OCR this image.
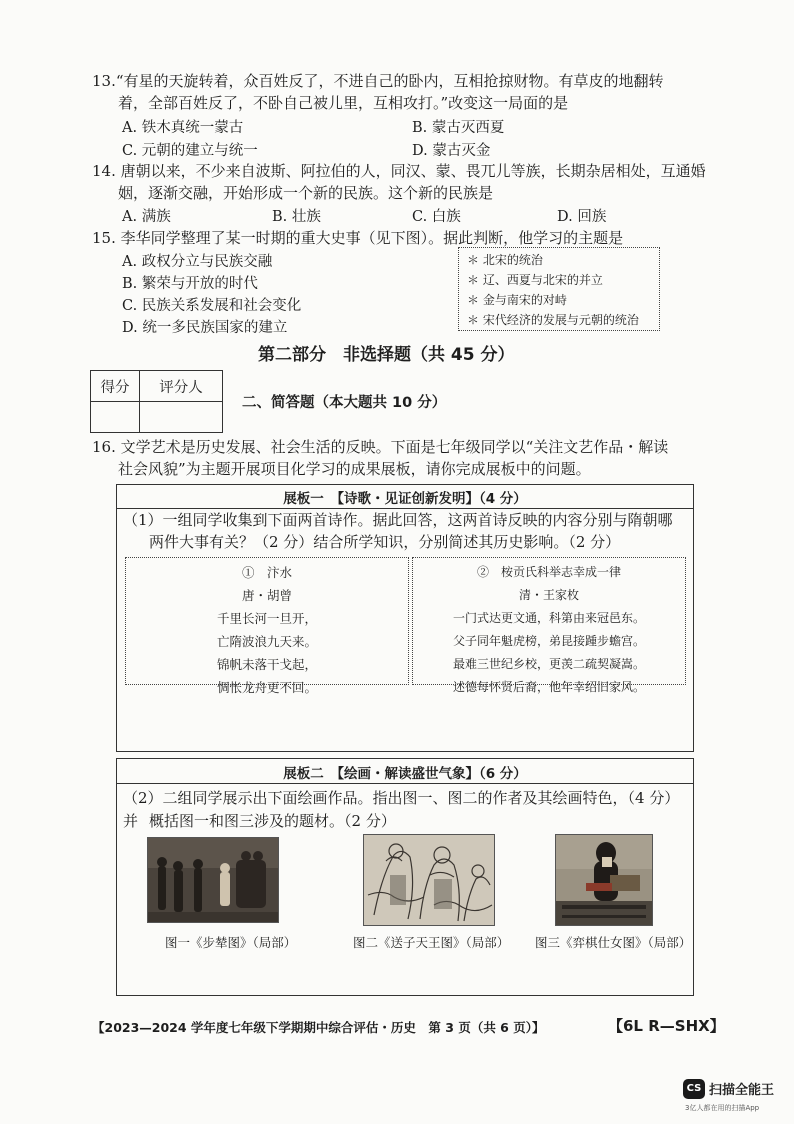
13.“有星的天旋转着，众百姓反了，不进自己的卧内，互相抢掠财物。有草皮的地翻转
着，全部百姓反了，不卧自己被儿里，互相攻打。”改变这一局面的是
A. 铁木真统一蒙古	B. 蒙古灭西夏
C. 元朝的建立与统一	D. 蒙古灭金
14. 唐朝以来，不少来自波斯、阿拉伯的人，同汉、蒙、畏兀儿等族，长期杂居相处，互通婚
姻，逐渐交融，开始形成一个新的民族。这个新的民族是
A. 满族	B. 壮族	C. 白族	D. 回族
15. 李华同学整理了某一时期的重大史事（见下图）。据此判断，他学习的主题是
A. 政权分立与民族交融
B. 繁荣与开放的时代
C. 民族关系发展和社会变化
D. 统一多民族国家的建立
＊ 北宋的统治
＊ 辽、西夏与北宋的并立
＊ 金与南宋的对峙
＊ 宋代经济的发展与元朝的统治
第二部分　非选择题（共 45 分）
得分	评分人

二、简答题（本大题共 10 分）
16. 文学艺术是历史发展、社会生活的反映。下面是七年级同学以“关注文艺作品・解读
社会风貌”为主题开展项目化学习的成果展板，请你完成展板中的问题。
展板一　【诗歌・见证创新发明】（4 分）
（1）一组同学收集到下面两首诗作。据此回答，这两首诗反映的内容分别与隋朝哪
两件大事有关？（2 分）结合所学知识，分别简述其历史影响。（2 分）
①　汴水
唐・胡曾
千里长河一旦开，
亡隋波浪九天来。
锦帆未落干戈起，
惆怅龙舟更不回。
②　桉贡氏科举志幸成一律
清・王家枚
一门式达更文通，科第由来冠邑东。
父子同年魁虎榜，弟昆接踵步蟾宫。
最难三世纪乡校，更羡二疏契凝嵩。
述德每怀贤后裔，他年幸绍旧家风。
展板二　【绘画・解读盛世气象】（6 分）
（2）二组同学展示出下面绘画作品。指出图一、图二的作者及其绘画特色，（4 分）并 概括图一和图三涉及的题材。（2 分）
图一《步辇图》（局部）	图二《送子天王图》（局部） 图三《弈棋仕女图》（局部）
【2023—2024 学年度七年级下学期期中综合评估・历史　第 3 页（共 6 页）】	【6L R—SHX】
CS 扫描全能王
3亿人都在用的扫描App
